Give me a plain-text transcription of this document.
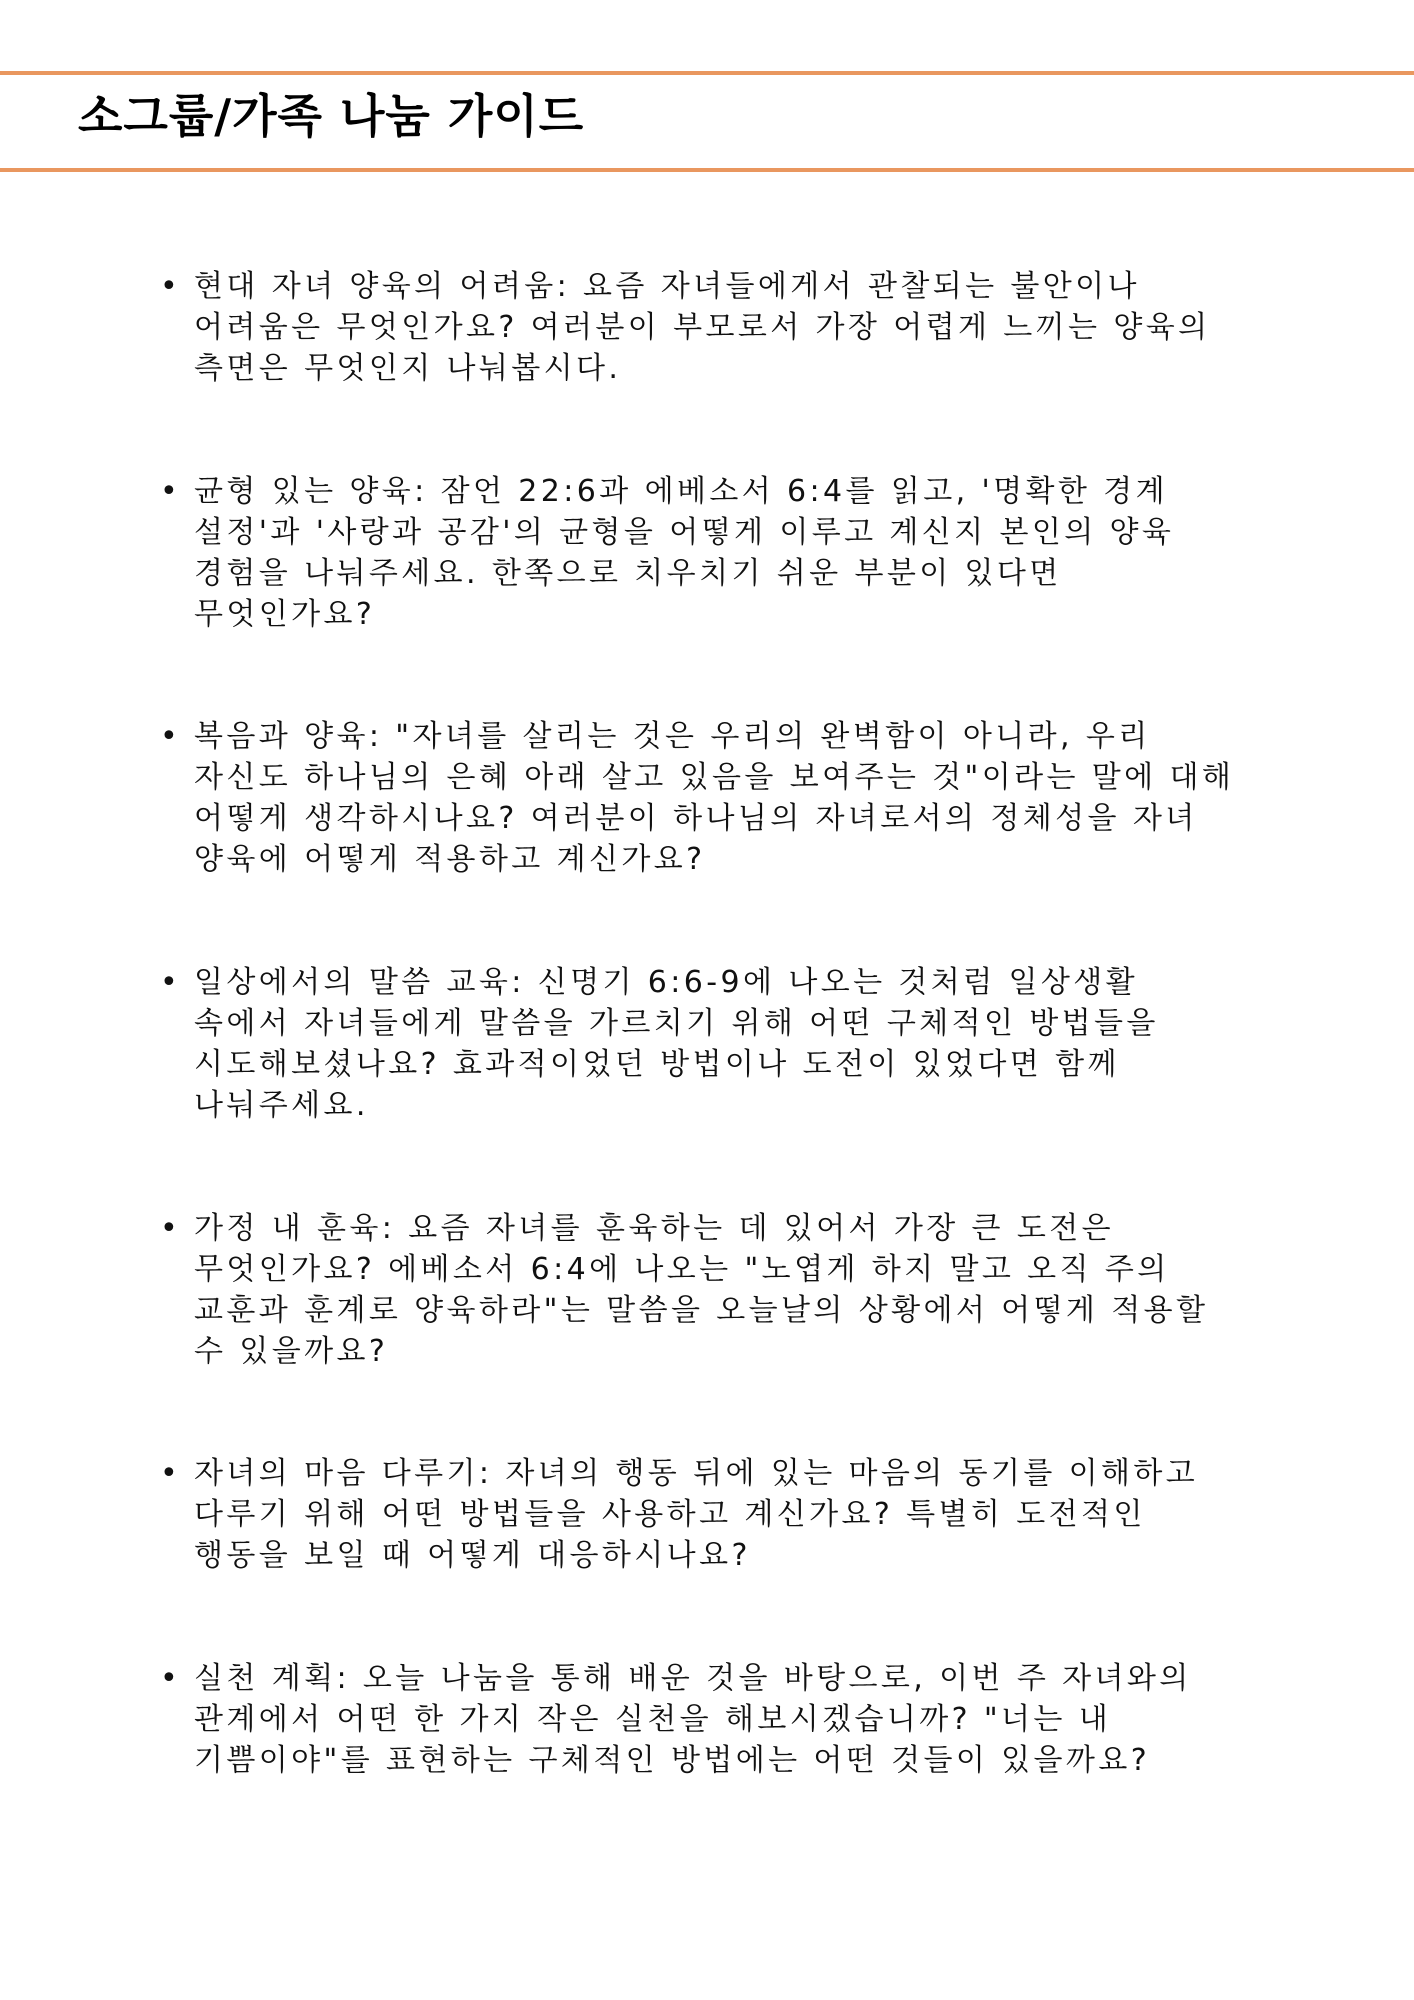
소그룹/가족 나눔 가이드
• 현대 자녀 양육의 어려움: 요즘 자녀들에게서 관찰되는 불안이나 어려움은 무엇인가요? 여러분이 부모로서 가장 어렵게 느끼는 양육의 측면은 무엇인지 나눠봅시다.
• 균형 있는 양육: 잠언 22:6과 에베소서 6:4를 읽고, '명확한 경계 설정'과 '사랑과 공감'의 균형을 어떻게 이루고 계신지 본인의 양육 경험을 나눠주세요. 한쪽으로 치우치기 쉬운 부분이 있다면 무엇인가요?
• 복음과 양육: "자녀를 살리는 것은 우리의 완벽함이 아니라, 우리 자신도 하나님의 은혜 아래 살고 있음을 보여주는 것"이라는 말에 대해 어떻게 생각하시나요? 여러분이 하나님의 자녀로서의 정체성을 자녀 양육에 어떻게 적용하고 계신가요?
• 일상에서의 말씀 교육: 신명기 6:6-9에 나오는 것처럼 일상생활 속에서 자녀들에게 말씀을 가르치기 위해 어떤 구체적인 방법들을 시도해보셨나요? 효과적이었던 방법이나 도전이 있었다면 함께 나눠주세요.
• 가정 내 훈육: 요즘 자녀를 훈육하는 데 있어서 가장 큰 도전은 무엇인가요? 에베소서 6:4에 나오는 "노엽게 하지 말고 오직 주의 교훈과 훈계로 양육하라"는 말씀을 오늘날의 상황에서 어떻게 적용할 수 있을까요?
• 자녀의 마음 다루기: 자녀의 행동 뒤에 있는 마음의 동기를 이해하고 다루기 위해 어떤 방법들을 사용하고 계신가요? 특별히 도전적인 행동을 보일 때 어떻게 대응하시나요?
• 실천 계획: 오늘 나눔을 통해 배운 것을 바탕으로, 이번 주 자녀와의 관계에서 어떤 한 가지 작은 실천을 해보시겠습니까? "너는 내 기쁨이야"를 표현하는 구체적인 방법에는 어떤 것들이 있을까요?
